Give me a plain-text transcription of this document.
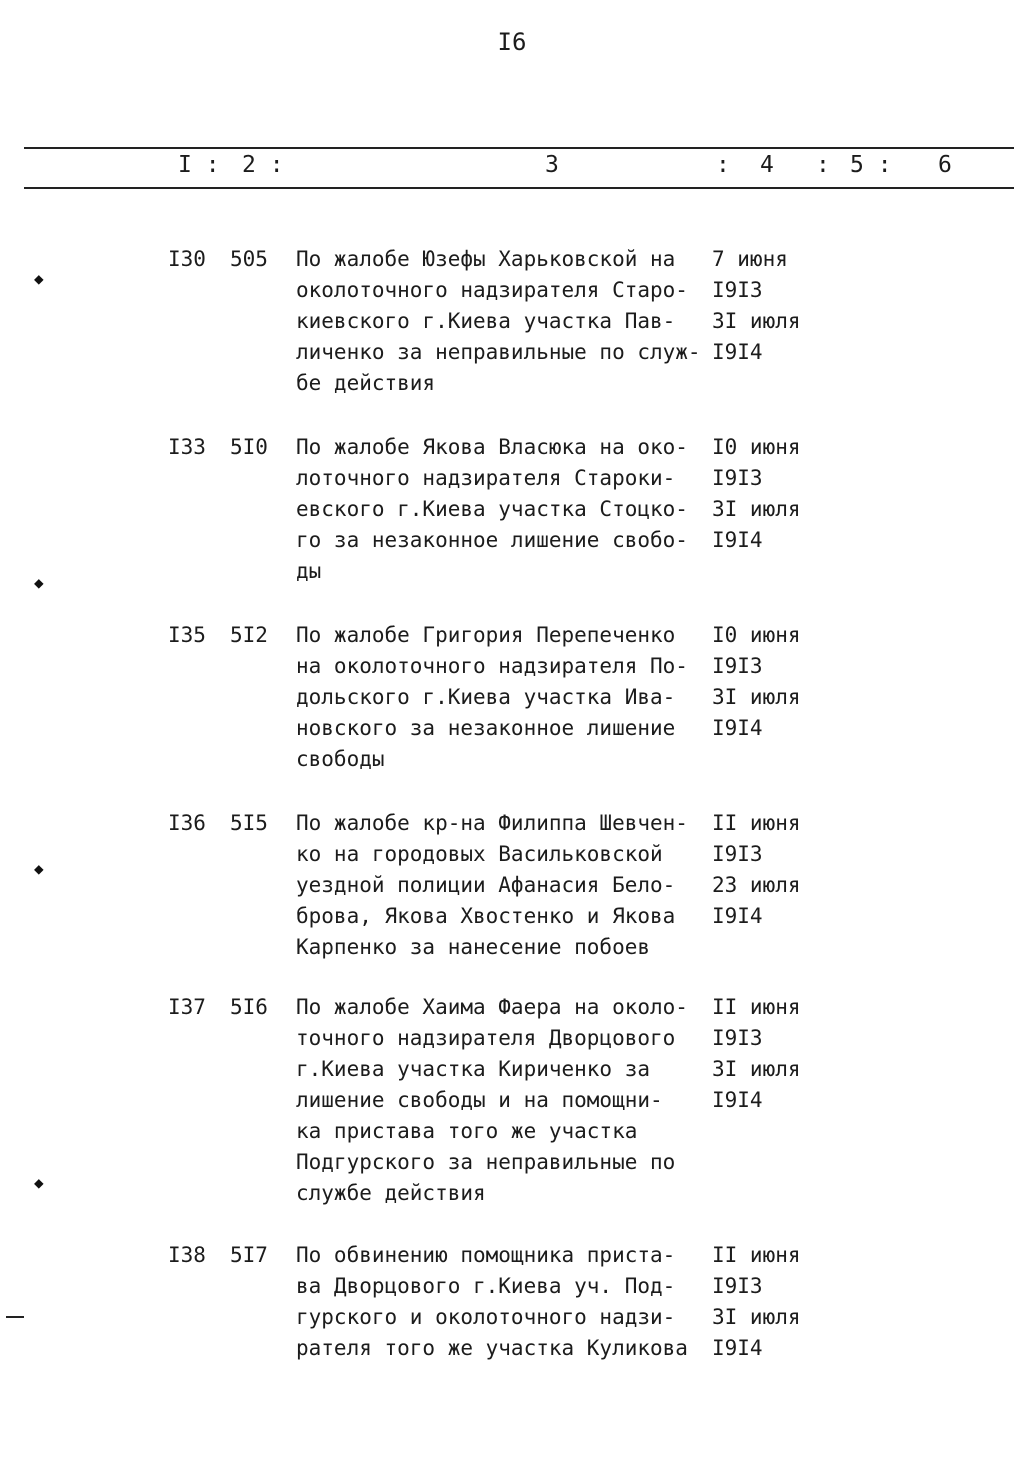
I6
I : 2 :	3	: 4 : 5 : 6
I30 505 По жалобе Юзефы Харьковской на
околоточного надзирателя Старо-
киевского г.Киева участка Пав-
личенко за неправильные по служ-
бе действия
7 июня
I9I3
3I июля
I9I4
I33 5I0 По жалобе Якова Власюка на око-
лоточного надзирателя Староки-
евского г.Киева участка Стоцко-
го за незаконное лишение свобо-
ды
I0 июня
I9I3
3I июля
I9I4
I35 5I2 По жалобе Григория Перепеченко
на околоточного надзирателя По-
дольского г.Киева участка Ива-
новского за незаконное лишение
свободы
I0 июня
I9I3
3I июля
I9I4
I36 5I5 По жалобе кр-на Филиппа Шевчен-
ко на городовых Васильковской
уездной полиции Афанасия Бело-
брова, Якова Хвостенко и Якова
Карпенко за нанесение побоев
II июня
I9I3
23 июля
I9I4
I37 5I6 По жалобе Хаима Фаера на околo-
точного надзирателя Дворцового
г.Киева участка Кириченко за
лишение свободы и на помощни-
ка пристава того же участка
Подгурского за неправильные по
службе действия
II июня
I9I3
3I июля
I9I4
I38 5I7 По обвинению помощника приста-
ва Дворцового г.Киева уч. Под-
гурского и околоточного надзи-
рателя того же участка Куликова
II июня
I9I3
3I июля
I9I4
◆
◆
◆
◆
